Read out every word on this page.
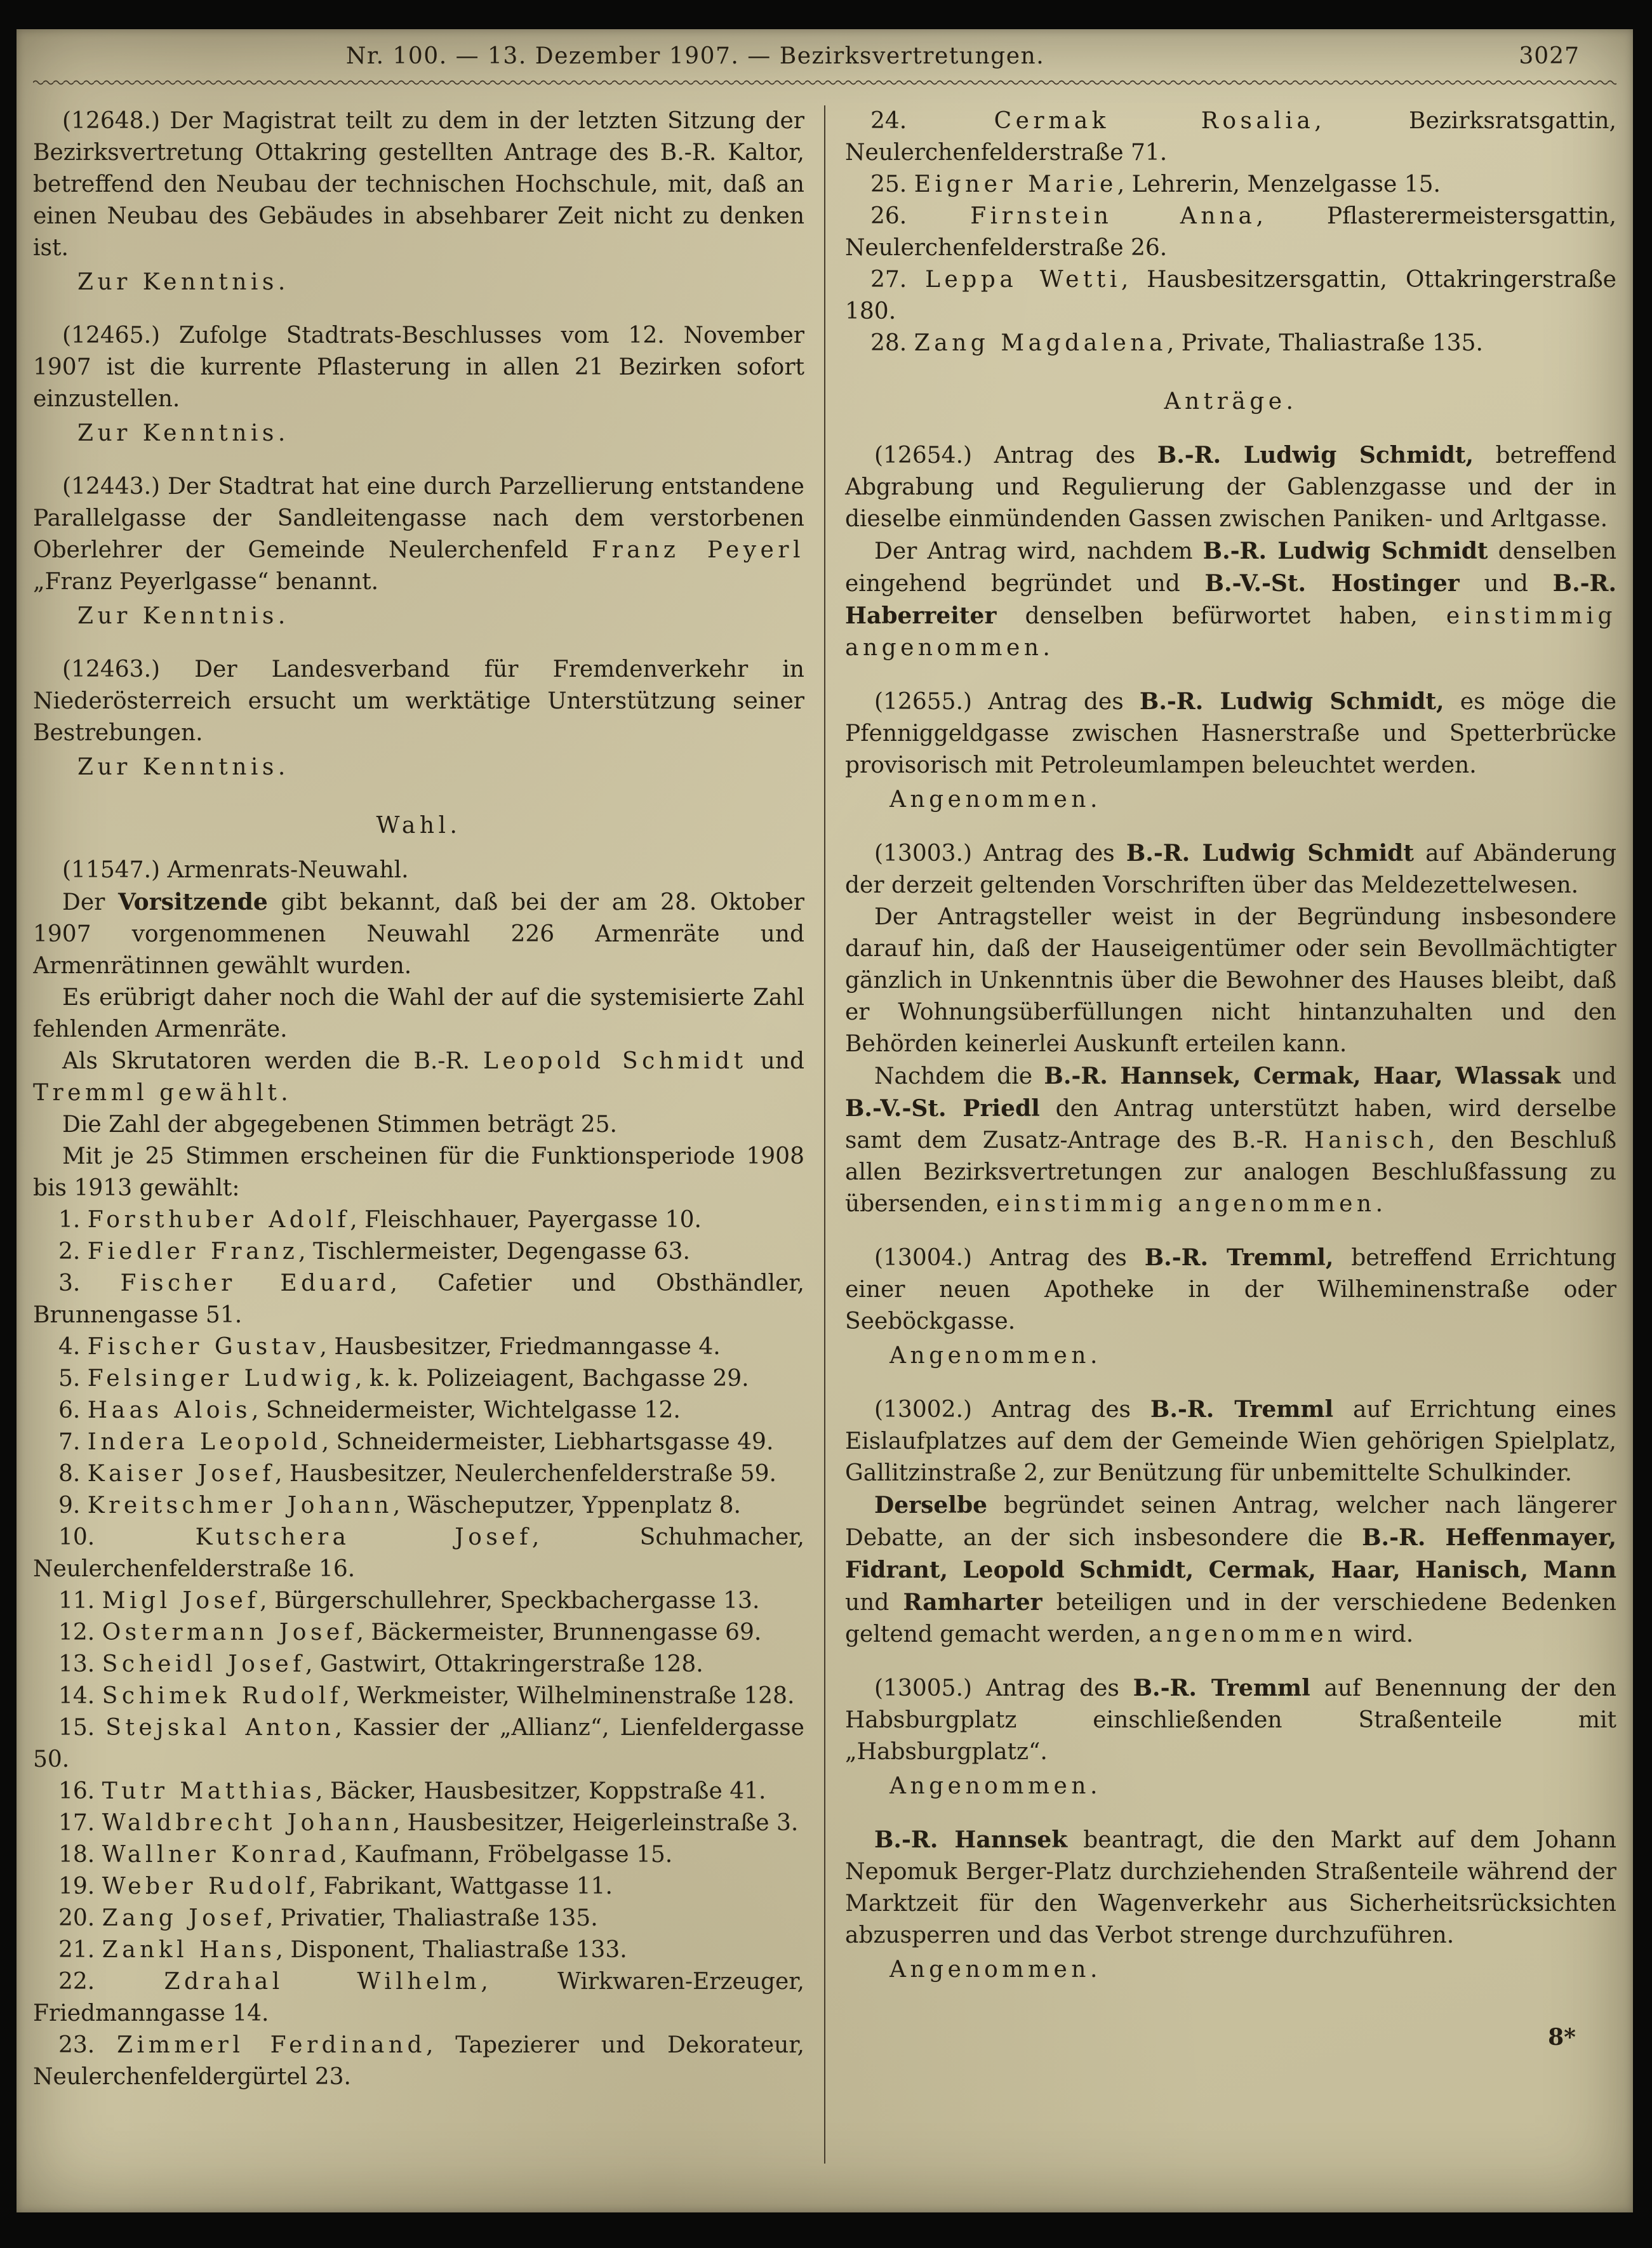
Nr. 100. — 13. Dezember 1907. — Bezirksvertretungen.	3027

(12648.) Der Magistrat teilt zu dem in der letzten Sitzung der Bezirksvertretung Ottakring gestellten Antrage des B.-R. Kaltor, betreffend den Neubau der technischen Hochschule, mit, daß an einen Neubau des Gebäudes in absehbarer Zeit nicht zu denken ist.

Zur Kenntnis.

(12465.) Zufolge Stadtrats-Beschlusses vom 12. November 1907 ist die kurrente Pflasterung in allen 21 Bezirken sofort einzustellen.

Zur Kenntnis.

(12443.) Der Stadtrat hat eine durch Parzellierung entstandene Parallelgasse der Sandleitengasse nach dem verstorbenen Oberlehrer der Gemeinde Neulerchenfeld Franz Peyerl „Franz Peyerlgasse“ benannt.

Zur Kenntnis.

(12463.) Der Landesverband für Fremdenverkehr in Niederösterreich ersucht um werktätige Unterstützung seiner Bestrebungen.

Zur Kenntnis.

Wahl.

(11547.) Armenrats-Neuwahl.

Der Vorsitzende gibt bekannt, daß bei der am 28. Oktober 1907 vorgenommenen Neuwahl 226 Armenräte und Armenrätinnen gewählt wurden.

Es erübrigt daher noch die Wahl der auf die systemisierte Zahl fehlenden Armenräte.

Als Skrutatoren werden die B.-R. Leopold Schmidt und Tremml gewählt.

Die Zahl der abgegebenen Stimmen beträgt 25.

Mit je 25 Stimmen erscheinen für die Funktionsperiode 1908 bis 1913 gewählt:

1. Forsthuber Adolf, Fleischhauer, Payergasse 10.

2. Fiedler Franz, Tischlermeister, Degengasse 63.

3. Fischer Eduard, Cafetier und Obsthändler, Brunnengasse 51.

4. Fischer Gustav, Hausbesitzer, Friedmanngasse 4.

5. Felsinger Ludwig, k. k. Polizeiagent, Bachgasse 29.

6. Haas Alois, Schneidermeister, Wichtelgasse 12.

7. Indera Leopold, Schneidermeister, Liebhartsgasse 49.

8. Kaiser Josef, Hausbesitzer, Neulerchenfelderstraße 59.

9. Kreitschmer Johann, Wäscheputzer, Yppenplatz 8.

10. Kutschera Josef, Schuhmacher, Neulerchenfelderstraße 16.

11. Migl Josef, Bürgerschullehrer, Speckbachergasse 13.

12. Ostermann Josef, Bäckermeister, Brunnengasse 69.

13. Scheidl Josef, Gastwirt, Ottakringerstraße 128.

14. Schimek Rudolf, Werkmeister, Wilhelminenstraße 128.

15. Stejskal Anton, Kassier der „Allianz“, Lienfeldergasse 50.

16. Tutr Matthias, Bäcker, Hausbesitzer, Koppstraße 41.

17. Waldbrecht Johann, Hausbesitzer, Heigerleinstraße 3.

18. Wallner Konrad, Kaufmann, Fröbelgasse 15.

19. Weber Rudolf, Fabrikant, Wattgasse 11.

20. Zang Josef, Privatier, Thaliastraße 135.

21. Zankl Hans, Disponent, Thaliastraße 133.

22. Zdrahal Wilhelm, Wirkwaren-Erzeuger, Friedmanngasse 14.

23. Zimmerl Ferdinand, Tapezierer und Dekorateur, Neulerchenfeldergürtel 23.

24. Cermak Rosalia, Bezirksratsgattin, Neulerchenfelderstraße 71.

25. Eigner Marie, Lehrerin, Menzelgasse 15.

26. Firnstein Anna, Pflasterermeistersgattin, Neulerchenfelderstraße 26.

27. Leppa Wetti, Hausbesitzersgattin, Ottakringerstraße 180.

28. Zang Magdalena, Private, Thaliastraße 135.

Anträge.

(12654.) Antrag des B.-R. Ludwig Schmidt, betreffend Abgrabung und Regulierung der Gablenzgasse und der in dieselbe einmündenden Gassen zwischen Paniken- und Arltgasse.

Der Antrag wird, nachdem B.-R. Ludwig Schmidt denselben eingehend begründet und B.-V.-St. Hostinger und B.-R. Haberreiter denselben befürwortet haben, einstimmig angenommen.

(12655.) Antrag des B.-R. Ludwig Schmidt, es möge die Pfenniggeldgasse zwischen Hasnerstraße und Spetterbrücke provisorisch mit Petroleumlampen beleuchtet werden.

Angenommen.

(13003.) Antrag des B.-R. Ludwig Schmidt auf Abänderung der derzeit geltenden Vorschriften über das Meldezettelwesen.

Der Antragsteller weist in der Begründung insbesondere darauf hin, daß der Hauseigentümer oder sein Bevollmächtigter gänzlich in Unkenntnis über die Bewohner des Hauses bleibt, daß er Wohnungsüberfüllungen nicht hintanzuhalten und den Behörden keinerlei Auskunft erteilen kann.

Nachdem die B.-R. Hannsek, Cermak, Haar, Wlassak und B.-V.-St. Priedl den Antrag unterstützt haben, wird derselbe samt dem Zusatz-Antrage des B.-R. Hanisch, den Beschluß allen Bezirksvertretungen zur analogen Beschlußfassung zu übersenden, einstimmig angenommen.

(13004.) Antrag des B.-R. Tremml, betreffend Errichtung einer neuen Apotheke in der Wilheminenstraße oder Seeböckgasse.

Angenommen.

(13002.) Antrag des B.-R. Tremml auf Errichtung eines Eislaufplatzes auf dem der Gemeinde Wien gehörigen Spielplatz, Gallitzinstraße 2, zur Benützung für unbemittelte Schulkinder.

Derselbe begründet seinen Antrag, welcher nach längerer Debatte, an der sich insbesondere die B.-R. Heffenmayer, Fidrant, Leopold Schmidt, Cermak, Haar, Hanisch, Mann und Ramharter beteiligen und in der verschiedene Bedenken geltend gemacht werden, angenommen wird.

(13005.) Antrag des B.-R. Tremml auf Benennung der den Habsburgplatz einschließenden Straßenteile mit „Habsburgplatz“.

Angenommen.

B.-R. Hannsek beantragt, die den Markt auf dem Johann Nepomuk Berger-Platz durchziehenden Straßenteile während der Marktzeit für den Wagenverkehr aus Sicherheitsrücksichten abzusperren und das Verbot strenge durchzuführen.

Angenommen.

8*
